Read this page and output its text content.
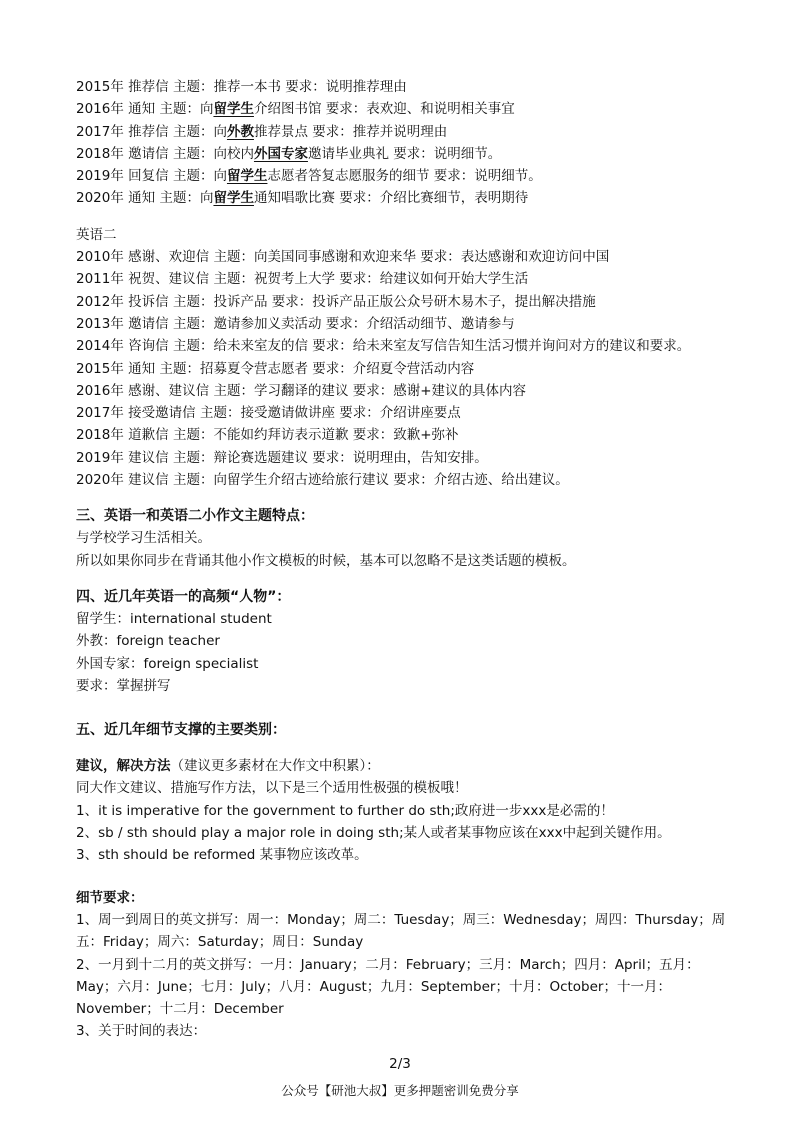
2015年 推荐信 主题：推荐一本书 要求：说明推荐理由
2016年 通知 主题：向留学生介绍图书馆 要求：表欢迎、和说明相关事宜
2017年 推荐信 主题：向外教推荐景点 要求：推荐并说明理由
2018年 邀请信 主题：向校内外国专家邀请毕业典礼 要求：说明细节。
2019年 回复信 主题：向留学生志愿者答复志愿服务的细节 要求：说明细节。
2020年 通知 主题：向留学生通知唱歌比赛 要求：介绍比赛细节，表明期待
英语二
2010年 感谢、欢迎信 主题：向美国同事感谢和欢迎来华 要求：表达感谢和欢迎访问中国
2011年 祝贺、建议信 主题：祝贺考上大学 要求：给建议如何开始大学生活
2012年 投诉信 主题：投诉产品 要求：投诉产品正版公众号研木易木子，提出解决措施
2013年 邀请信 主题：邀请参加义卖活动 要求：介绍活动细节、邀请参与
2014年 咨询信 主题：给未来室友的信 要求：给未来室友写信告知生活习惯并询问对方的建议和要求。
2015年 通知 主题：招募夏令营志愿者 要求：介绍夏令营活动内容
2016年 感谢、建议信 主题：学习翻译的建议 要求：感谢+建议的具体内容
2017年 接受邀请信 主题：接受邀请做讲座 要求：介绍讲座要点
2018年 道歉信 主题：不能如约拜访表示道歉 要求：致歉+弥补
2019年 建议信 主题：辩论赛选题建议 要求：说明理由，告知安排。
2020年 建议信 主题：向留学生介绍古迹给旅行建议 要求：介绍古迹、给出建议。
三、英语一和英语二小作文主题特点：
与学校学习生活相关。
所以如果你同步在背诵其他小作文模板的时候，基本可以忽略不是这类话题的模板。
四、近几年英语一的高频“人物”：
留学生：international student
外教：foreign teacher
外国专家：foreign specialist
要求：掌握拼写
五、近几年细节支撑的主要类别：
建议，解决方法（建议更多素材在大作文中积累）：
同大作文建议、措施写作方法，以下是三个适用性极强的模板哦！
1、it is imperative for the government to further do sth;政府进一步xxx是必需的！
2、sb / sth should play a major role in doing sth;某人或者某事物应该在xxx中起到关键作用。
3、sth should be reformed 某事物应该改革。
细节要求：
1、周一到周日的英文拼写：周一：Monday；周二：Tuesday；周三：Wednesday；周四：Thursday；周五：Friday；周六：Saturday；周日：Sunday
2、一月到十二月的英文拼写：一月：January；二月：February；三月：March；四月：April；五月：May；六月：June；七月：July；八月：August；九月：September；十月：October；十一月：November；十二月：December
3、关于时间的表达：
2/3
公众号【研池大叔】更多押题密训免费分享
